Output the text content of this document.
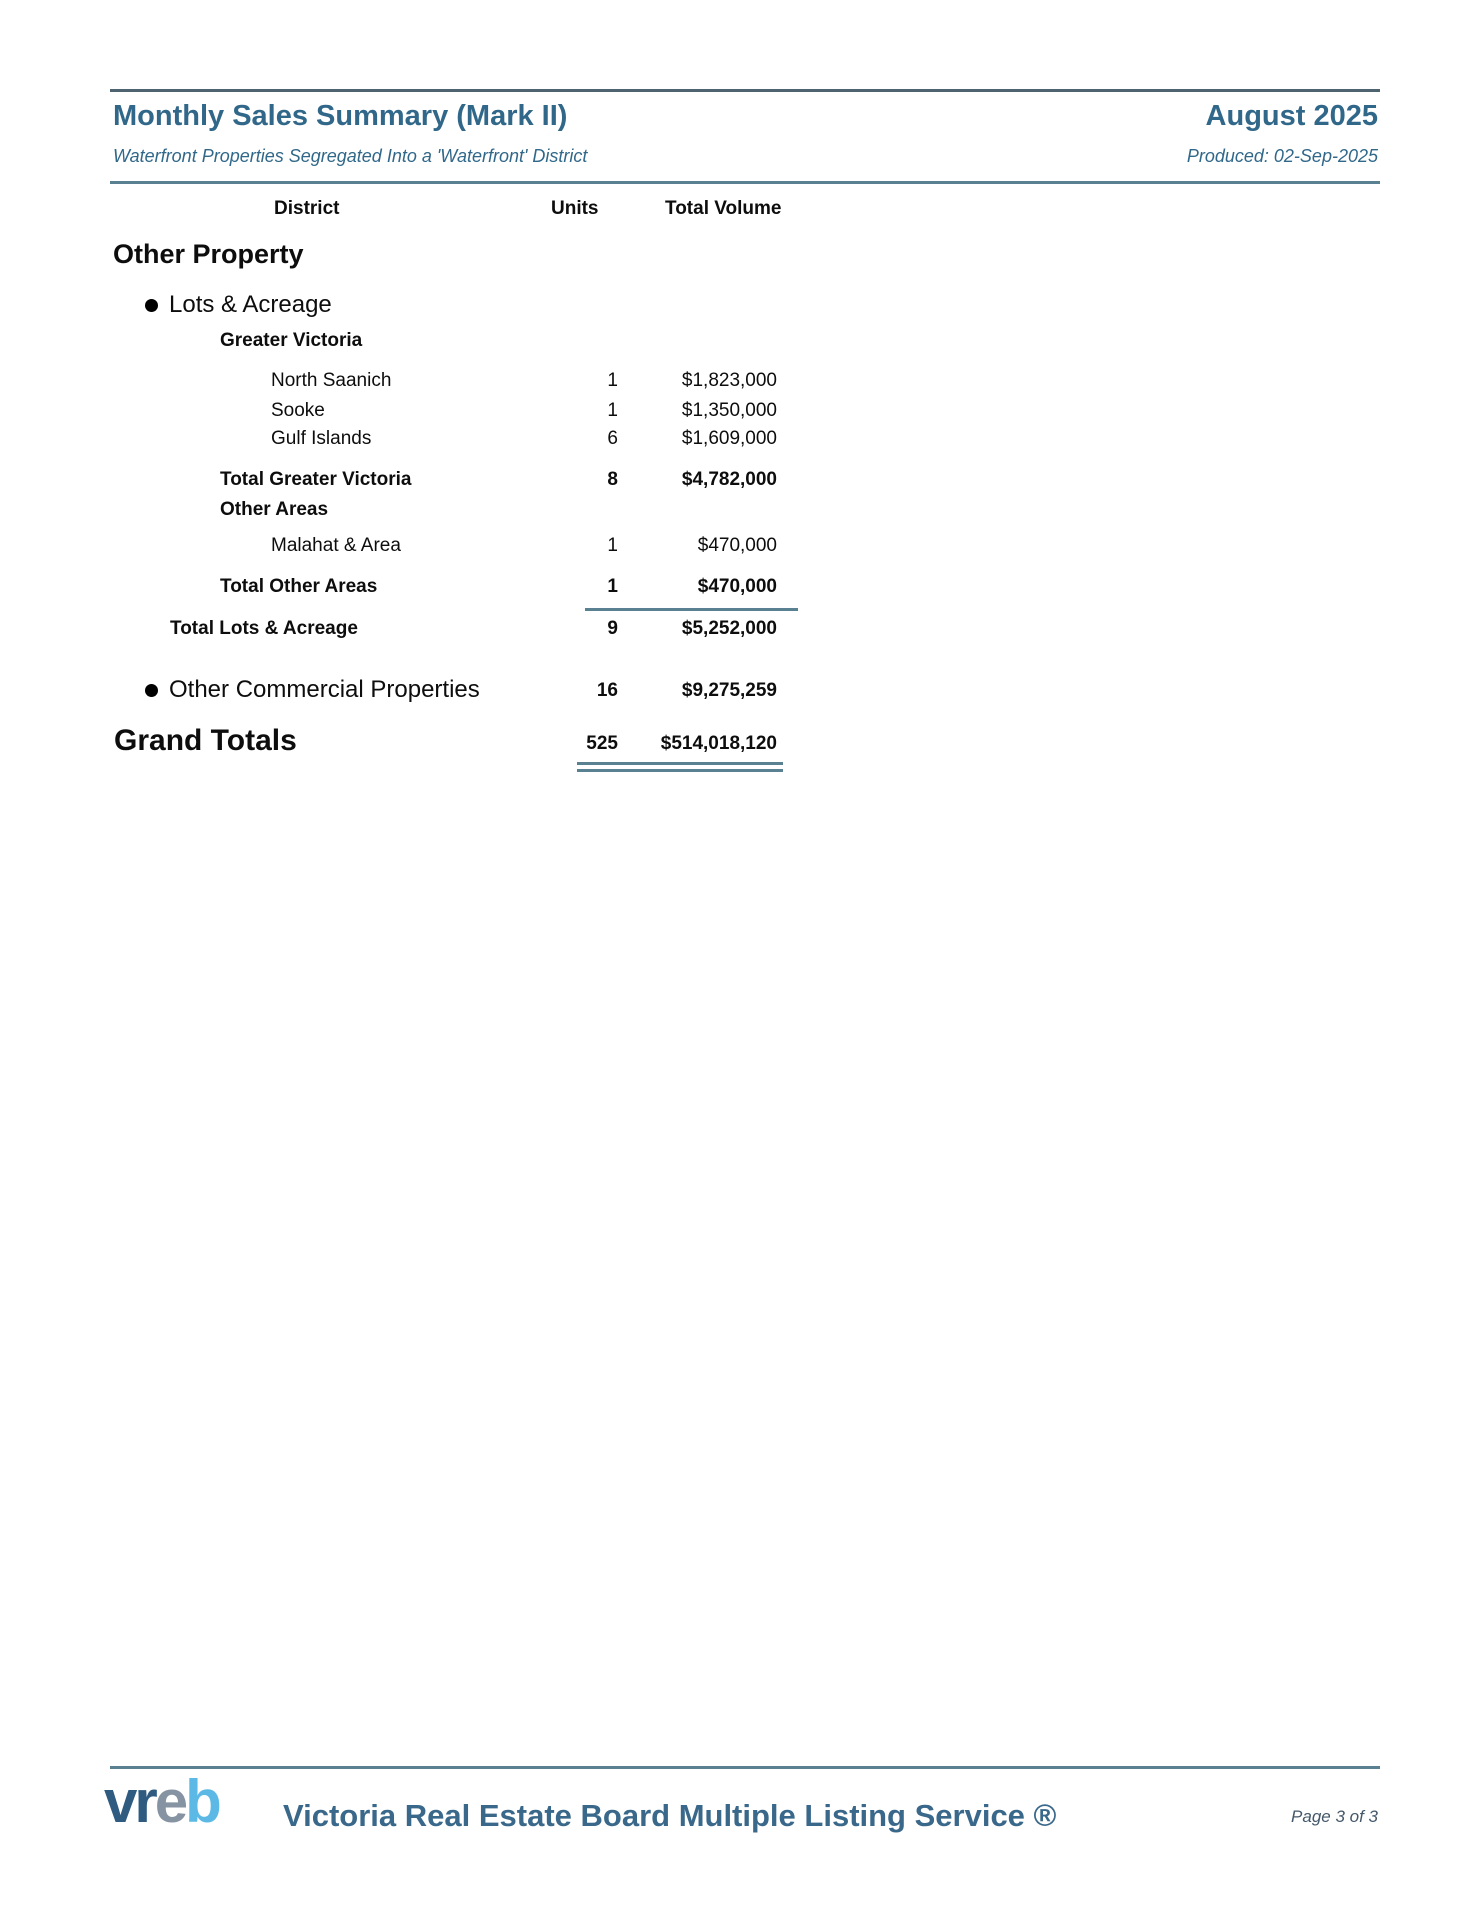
Monthly Sales Summary (Mark II)	August 2025
Waterfront Properties Segregated Into a 'Waterfront' District	Produced: 02-Sep-2025
District	Units	Total Volume
Other Property
Lots & Acreage
Greater Victoria
North Saanich	1	$1,823,000
Sooke	1	$1,350,000
Gulf Islands	6	$1,609,000
Total Greater Victoria	8	$4,782,000
Other Areas
Malahat & Area	1	$470,000
Total Other Areas	1	$470,000
Total Lots & Acreage	9	$5,252,000
Other Commercial Properties	16	$9,275,259
Grand Totals	525	$514,018,120
vreb Victoria Real Estate Board Multiple Listing Service ®	Page 3 of 3
